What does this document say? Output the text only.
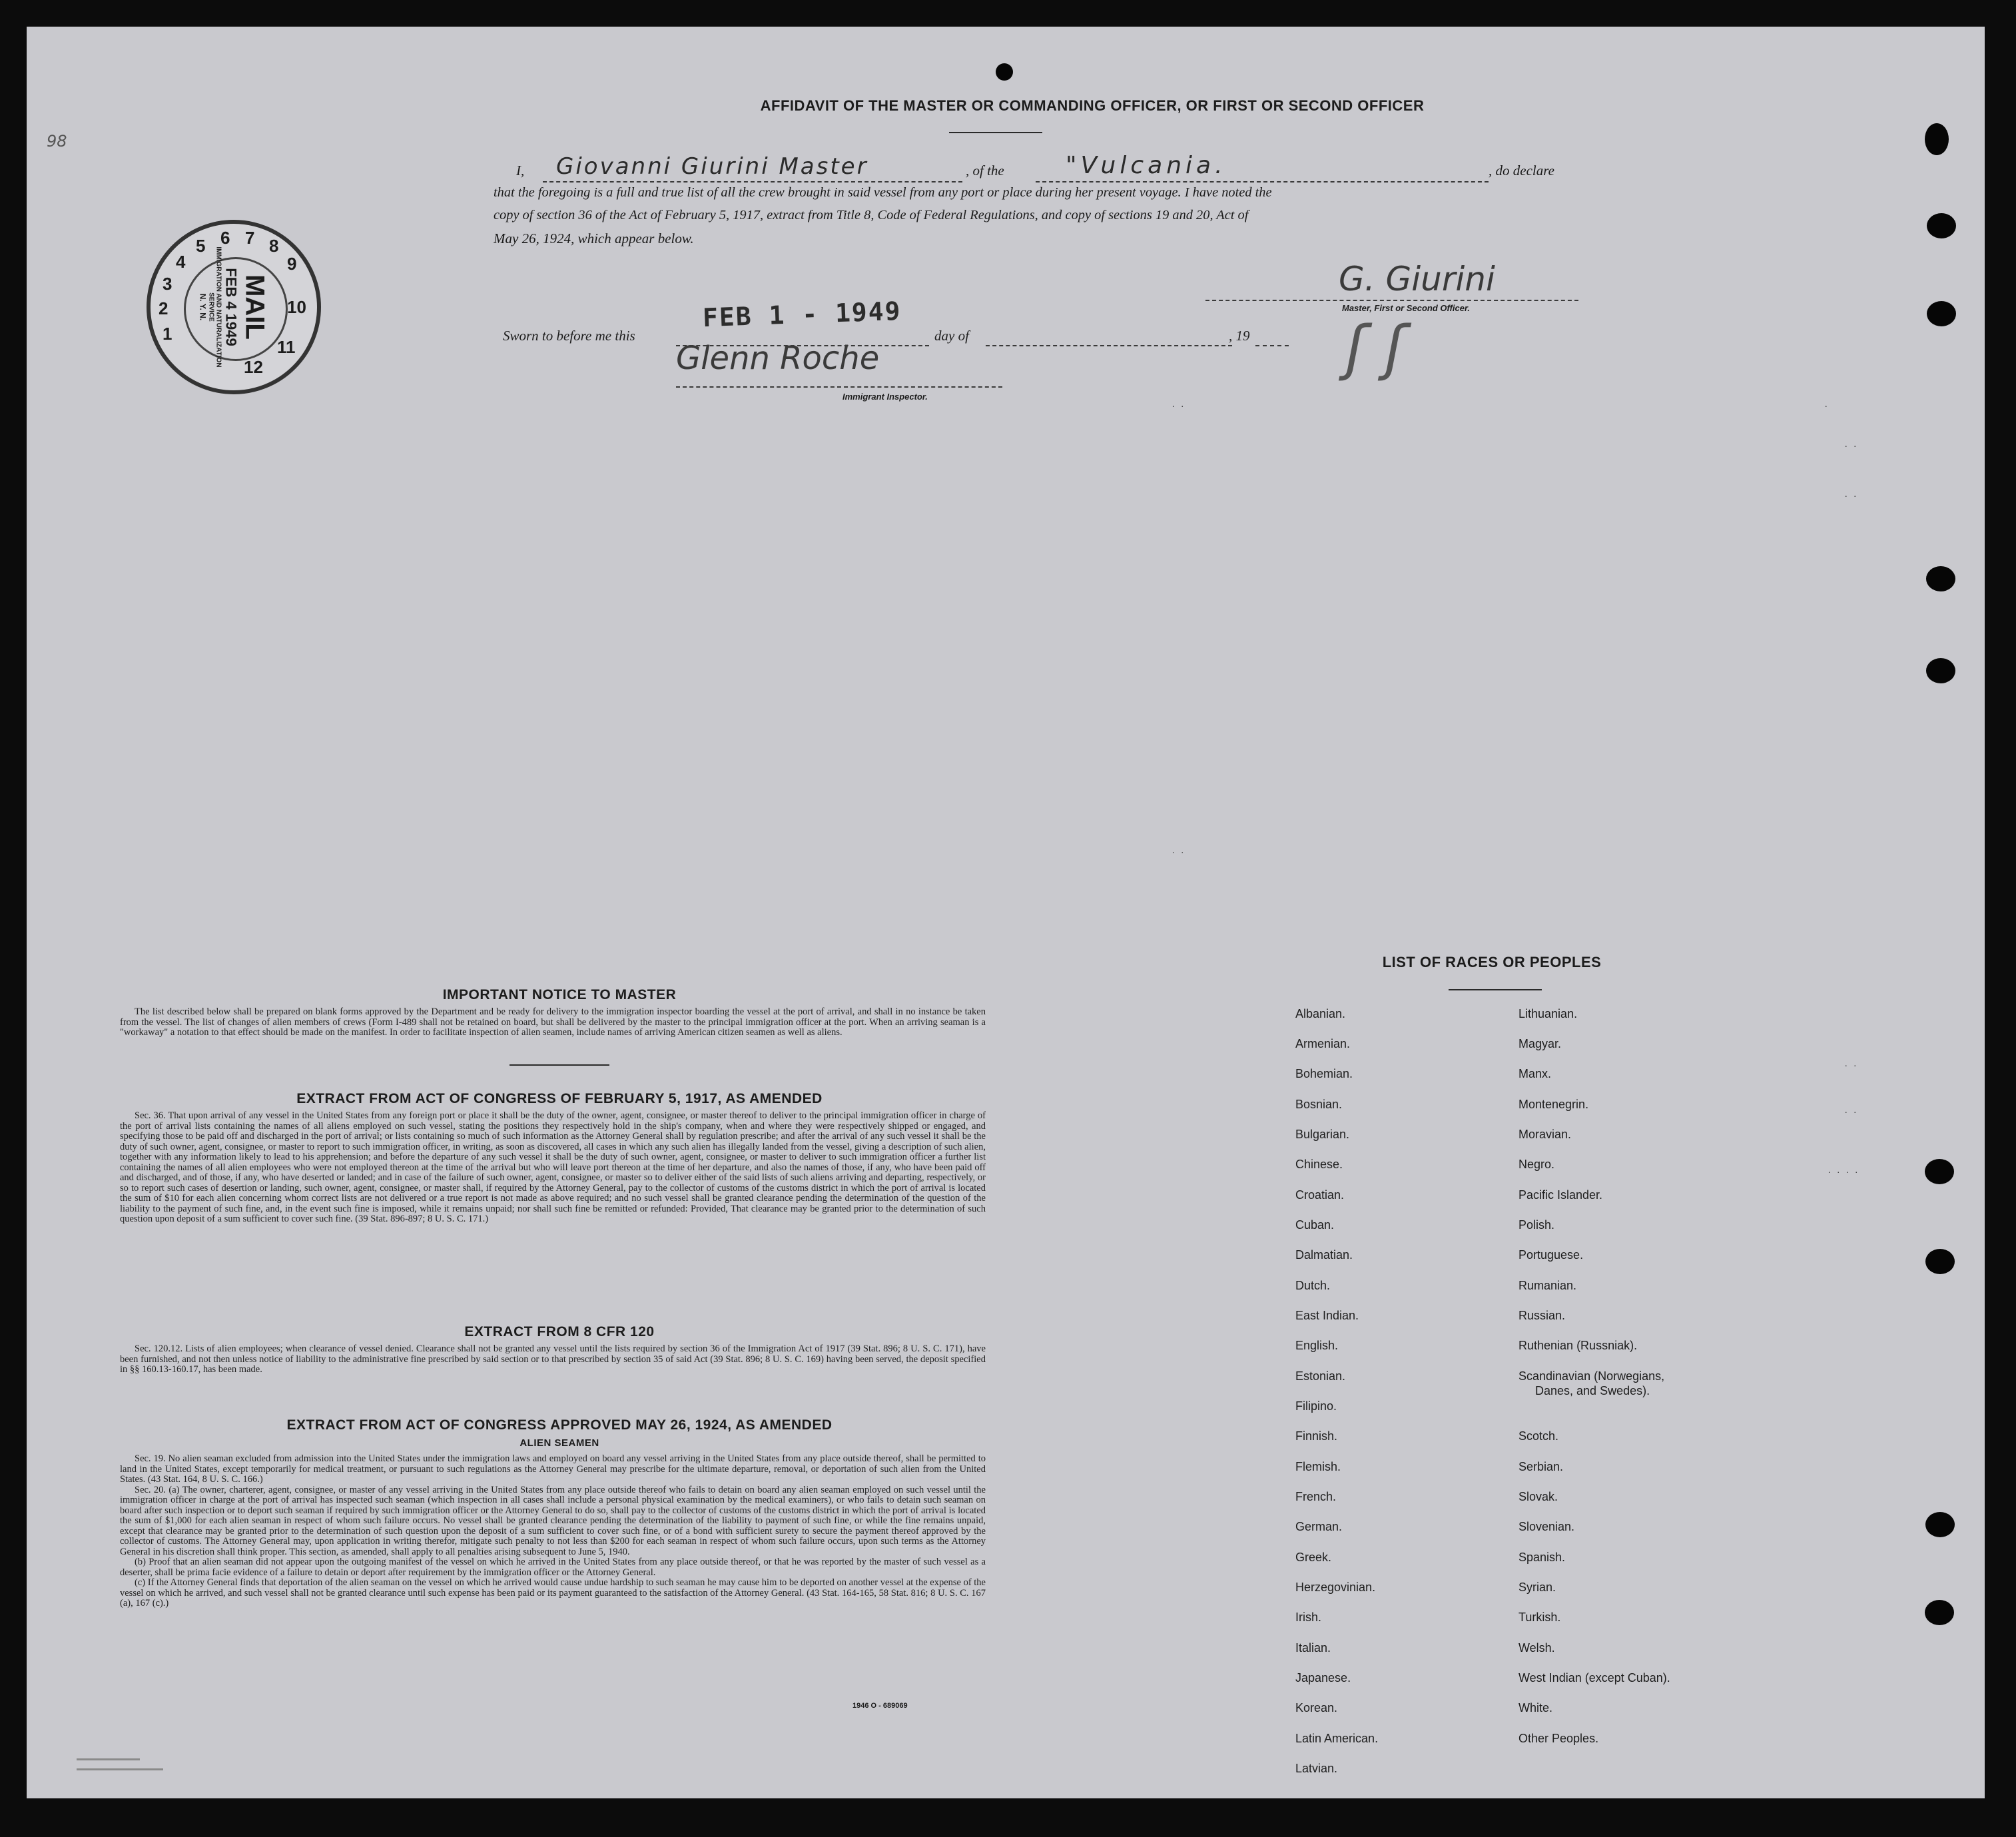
98
AFFIDAVIT OF THE MASTER OR COMMANDING OFFICER, OR FIRST OR SECOND OFFICER
I, Giovanni Giurini Master	, of the	"Vulcania.	, do declare
that the foregoing is a full and true list of all the crew brought in said vessel from any port or place during her present voyage. I have noted the
copy of section 36 of the Act of February 5, 1917, extract from Title 8, Code of Federal Regulations, and copy of sections 19 and 20, Act of
May 26, 1924, which appear below.
G. Giurini
Master, First or Second Officer.
ʃ ʃ
Sworn to before me this
FEB 1 - 1949
day of	, 19
Glenn Roche
Immigrant Inspector.
MAIL
FEB 4 1949
IMMIGRATION AND NATURALIZATION
SERVICE
N. Y. N.
1
2
3
4
5 6 7 8
9
10
11
12
..	.
..
..
..
..
..
....
IMPORTANT NOTICE TO MASTER

The list described below shall be prepared on blank forms approved by the Department and be ready for delivery to the immigration inspector boarding the vessel at the port of arrival, and shall in no instance be taken from the vessel. The list of changes of alien members of crews (Form I-489 shall not be retained on board, but shall be delivered by the master to the principal immigration officer at the port. When an arriving seaman is a "workaway" a notation to that effect should be made on the manifest. In order to facilitate inspection of alien seamen, include names of arriving American citizen seamen as well as aliens.

EXTRACT FROM ACT OF CONGRESS OF FEBRUARY 5, 1917, AS AMENDED

Sec. 36. That upon arrival of any vessel in the United States from any foreign port or place it shall be the duty of the owner, agent, consignee, or master thereof to deliver to the principal immigration officer in charge of the port of arrival lists containing the names of all aliens employed on such vessel, stating the positions they respectively hold in the ship's company, when and where they were respectively shipped or engaged, and specifying those to be paid off and discharged in the port of arrival; or lists containing so much of such information as the Attorney General shall by regulation prescribe; and after the arrival of any such vessel it shall be the duty of such owner, agent, consignee, or master to report to such immigration officer, in writing, as soon as discovered, all cases in which any such alien has illegally landed from the vessel, giving a description of such alien, together with any information likely to lead to his apprehension; and before the departure of any such vessel it shall be the duty of such owner, agent, consignee, or master to deliver to such immigration officer a further list containing the names of all alien employees who were not employed thereon at the time of the arrival but who will leave port thereon at the time of her departure, and also the names of those, if any, who have been paid off and discharged, and of those, if any, who have deserted or landed; and in case of the failure of such owner, agent, consignee, or master so to deliver either of the said lists of such aliens arriving and departing, respectively, or so to report such cases of desertion or landing, such owner, agent, consignee, or master shall, if required by the Attorney General, pay to the collector of customs of the customs district in which the port of arrival is located the sum of $10 for each alien concerning whom correct lists are not delivered or a true report is not made as above required; and no such vessel shall be granted clearance pending the determination of the question of the liability to the payment of such fine, and, in the event such fine is imposed, while it remains unpaid; nor shall such fine be remitted or refunded: Provided, That clearance may be granted prior to the determination of such question upon deposit of a sum sufficient to cover such fine. (39 Stat. 896-897; 8 U. S. C. 171.)

EXTRACT FROM 8 CFR 120

Sec. 120.12. Lists of alien employees; when clearance of vessel denied. Clearance shall not be granted any vessel until the lists required by section 36 of the Immigration Act of 1917 (39 Stat. 896; 8 U. S. C. 171), have been furnished, and not then unless notice of liability to the administrative fine prescribed by said section or to that prescribed by section 35 of said Act (39 Stat. 896; 8 U. S. C. 169) having been served, the deposit specified in §§ 160.13-160.17, has been made.

EXTRACT FROM ACT OF CONGRESS APPROVED MAY 26, 1924, AS AMENDED
ALIEN SEAMEN

Sec. 19. No alien seaman excluded from admission into the United States under the immigration laws and employed on board any vessel arriving in the United States from any place outside thereof, shall be permitted to land in the United States, except temporarily for medical treatment, or pursuant to such regulations as the Attorney General may prescribe for the ultimate departure, removal, or deportation of such alien from the United States. (43 Stat. 164, 8 U. S. C. 166.)

Sec. 20. (a) The owner, charterer, agent, consignee, or master of any vessel arriving in the United States from any place outside thereof who fails to detain on board any alien seaman employed on such vessel until the immigration officer in charge at the port of arrival has inspected such seaman (which inspection in all cases shall include a personal physical examination by the medical examiners), or who fails to detain such seaman on board after such inspection or to deport such seaman if required by such immigration officer or the Attorney General to do so, shall pay to the collector of customs of the customs district in which the port of arrival is located the sum of $1,000 for each alien seaman in respect of whom such failure occurs. No vessel shall be granted clearance pending the determination of the liability to payment of such fine, or while the fine remains unpaid, except that clearance may be granted prior to the determination of such question upon the deposit of a sum sufficient to cover such fine, or of a bond with sufficient surety to secure the payment thereof approved by the collector of customs. The Attorney General may, upon application in writing therefor, mitigate such penalty to not less than $200 for each seaman in respect of whom such failure occurs, upon such terms as the Attorney General in his discretion shall think proper. This section, as amended, shall apply to all penalties arising subsequent to June 5, 1940.

(b) Proof that an alien seaman did not appear upon the outgoing manifest of the vessel on which he arrived in the United States from any place outside thereof, or that he was reported by the master of such vessel as a deserter, shall be prima facie evidence of a failure to detain or deport after requirement by the immigration officer or the Attorney General.

(c) If the Attorney General finds that deportation of the alien seaman on the vessel on which he arrived would cause undue hardship to such seaman he may cause him to be deported on another vessel at the expense of the vessel on which he arrived, and such vessel shall not be granted clearance until such expense has been paid or its payment guaranteed to the satisfaction of the Attorney General. (43 Stat. 164-165, 58 Stat. 816; 8 U. S. C. 167 (a), 167 (c).)

1946 O - 689069
LIST OF RACES OR PEOPLES
Albanian.
Armenian.
Bohemian.
Bosnian.
Bulgarian.
Chinese.
Croatian.
Cuban.
Dalmatian.
Dutch.
East Indian.
English.
Estonian.
Filipino.
Finnish.
Flemish.
French.
German.
Greek.
Herzegovinian.
Irish.
Italian.
Japanese.
Korean.
Latin American.
Latvian.
Lithuanian.
Magyar.
Manx.
Montenegrin.
Moravian.
Negro.
Pacific Islander.
Polish.
Portuguese.
Rumanian.
Russian.
Ruthenian (Russniak).
Scandinavian (Norwegians,
Danes, and Swedes).
Scotch.
Serbian.
Slovak.
Slovenian.
Spanish.
Syrian.
Turkish.
Welsh.
West Indian (except Cuban).
White.
Other Peoples.
